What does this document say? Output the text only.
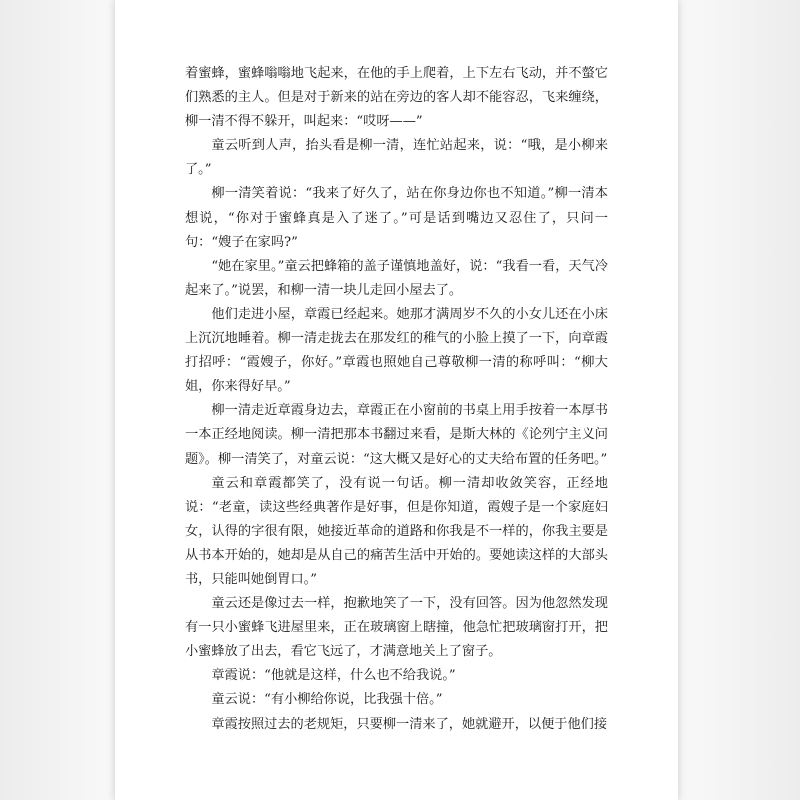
着蜜蜂，蜜蜂嗡嗡地飞起来，在他的手上爬着，上下左右飞动，并不螫它们熟悉的主人。但是对于新来的站在旁边的客人却不能容忍，飞来缠绕，柳一清不得不躲开，叫起来：“哎呀——”

童云听到人声，抬头看是柳一清，连忙站起来，说：“哦，是小柳来了。”

柳一清笑着说：“我来了好久了，站在你身边你也不知道。”柳一清本想说，“你对于蜜蜂真是入了迷了。”可是话到嘴边又忍住了，只问一句：“嫂子在家吗?”

“她在家里。”童云把蜂箱的盖子谨慎地盖好，说：“我看一看，天气冷起来了。”说罢，和柳一清一块儿走回小屋去了。

他们走进小屋，章霞已经起来。她那才满周岁不久的小女儿还在小床上沉沉地睡着。柳一清走拢去在那发红的稚气的小脸上摸了一下，向章霞打招呼：“霞嫂子，你好。”章霞也照她自己尊敬柳一清的称呼叫：“柳大姐，你来得好早。”

柳一清走近章霞身边去，章霞正在小窗前的书桌上用手按着一本厚书一本正经地阅读。柳一清把那本书翻过来看，是斯大林的《论列宁主义问题》。柳一清笑了，对童云说：“这大概又是好心的丈夫给布置的任务吧。”

童云和章霞都笑了，没有说一句话。柳一清却收敛笑容，正经地说：“老童，读这些经典著作是好事，但是你知道，霞嫂子是一个家庭妇女，认得的字很有限，她接近革命的道路和你我是不一样的，你我主要是从书本开始的，她却是从自己的痛苦生活中开始的。要她读这样的大部头书，只能叫她倒胃口。”

童云还是像过去一样，抱歉地笑了一下，没有回答。因为他忽然发现有一只小蜜蜂飞进屋里来，正在玻璃窗上瞎撞，他急忙把玻璃窗打开，把小蜜蜂放了出去，看它飞远了，才满意地关上了窗子。

章霞说：“他就是这样，什么也不给我说。”

童云说：“有小柳给你说，比我强十倍。”

章霞按照过去的老规矩，只要柳一清来了，她就避开，以便于他们接
